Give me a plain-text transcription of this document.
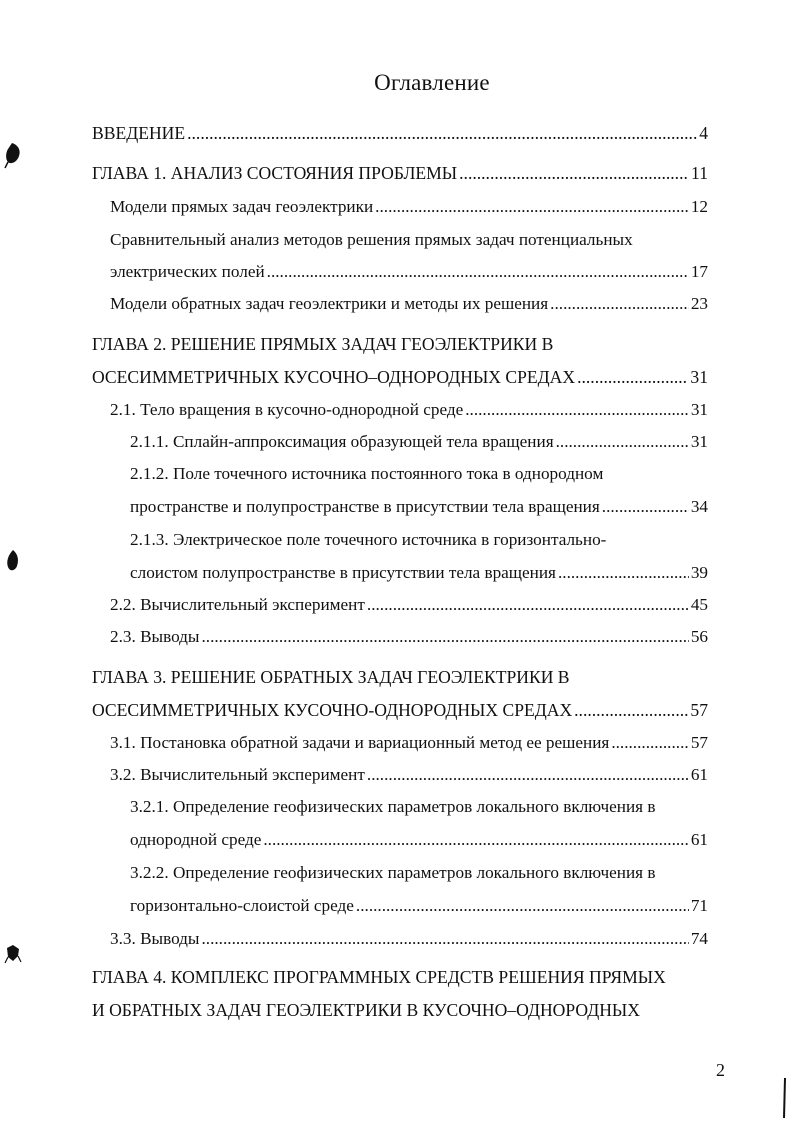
Оглавление
ВВЕДЕНИЕ .....	4
ГЛАВА 1. АНАЛИЗ СОСТОЯНИЯ ПРОБЛЕМЫ .....	11
Модели прямых задач геоэлектрики .....	12
Сравнительный анализ методов решения прямых задач потенциальных
электрических полей .....	17
Модели обратных задач геоэлектрики и методы их решения .....	23
ГЛАВА 2. РЕШЕНИЕ ПРЯМЫХ ЗАДАЧ ГЕОЭЛЕКТРИКИ В
ОСЕСИММЕТРИЧНЫХ КУСОЧНО–ОДНОРОДНЫХ СРЕДАХ .....	31
2.1. Тело вращения в кусочно-однородной среде .....	31
2.1.1. Сплайн-аппроксимация образующей тела вращения .....	31
2.1.2. Поле точечного источника постоянного тока в однородном
пространстве и полупространстве в присутствии тела вращения .....	34
2.1.3. Электрическое поле точечного источника в горизонтально-
слоистом полупространстве в присутствии тела вращения .....	39
2.2. Вычислительный эксперимент .....	45
2.3. Выводы .....	56
ГЛАВА 3. РЕШЕНИЕ ОБРАТНЫХ ЗАДАЧ ГЕОЭЛЕКТРИКИ В
ОСЕСИММЕТРИЧНЫХ КУСОЧНО-ОДНОРОДНЫХ СРЕДАХ .....	57
3.1. Постановка обратной задачи и вариационный метод ее решения .....	57
3.2. Вычислительный эксперимент .....	61
3.2.1. Определение геофизических параметров локального включения в
однородной среде .....	61
3.2.2. Определение геофизических параметров локального включения в
горизонтально-слоистой среде .....	71
3.3. Выводы .....	74
ГЛАВА 4. КОМПЛЕКС ПРОГРАММНЫХ СРЕДСТВ РЕШЕНИЯ ПРЯМЫХ
И ОБРАТНЫХ ЗАДАЧ ГЕОЭЛЕКТРИКИ В КУСОЧНО–ОДНОРОДНЫХ
2
